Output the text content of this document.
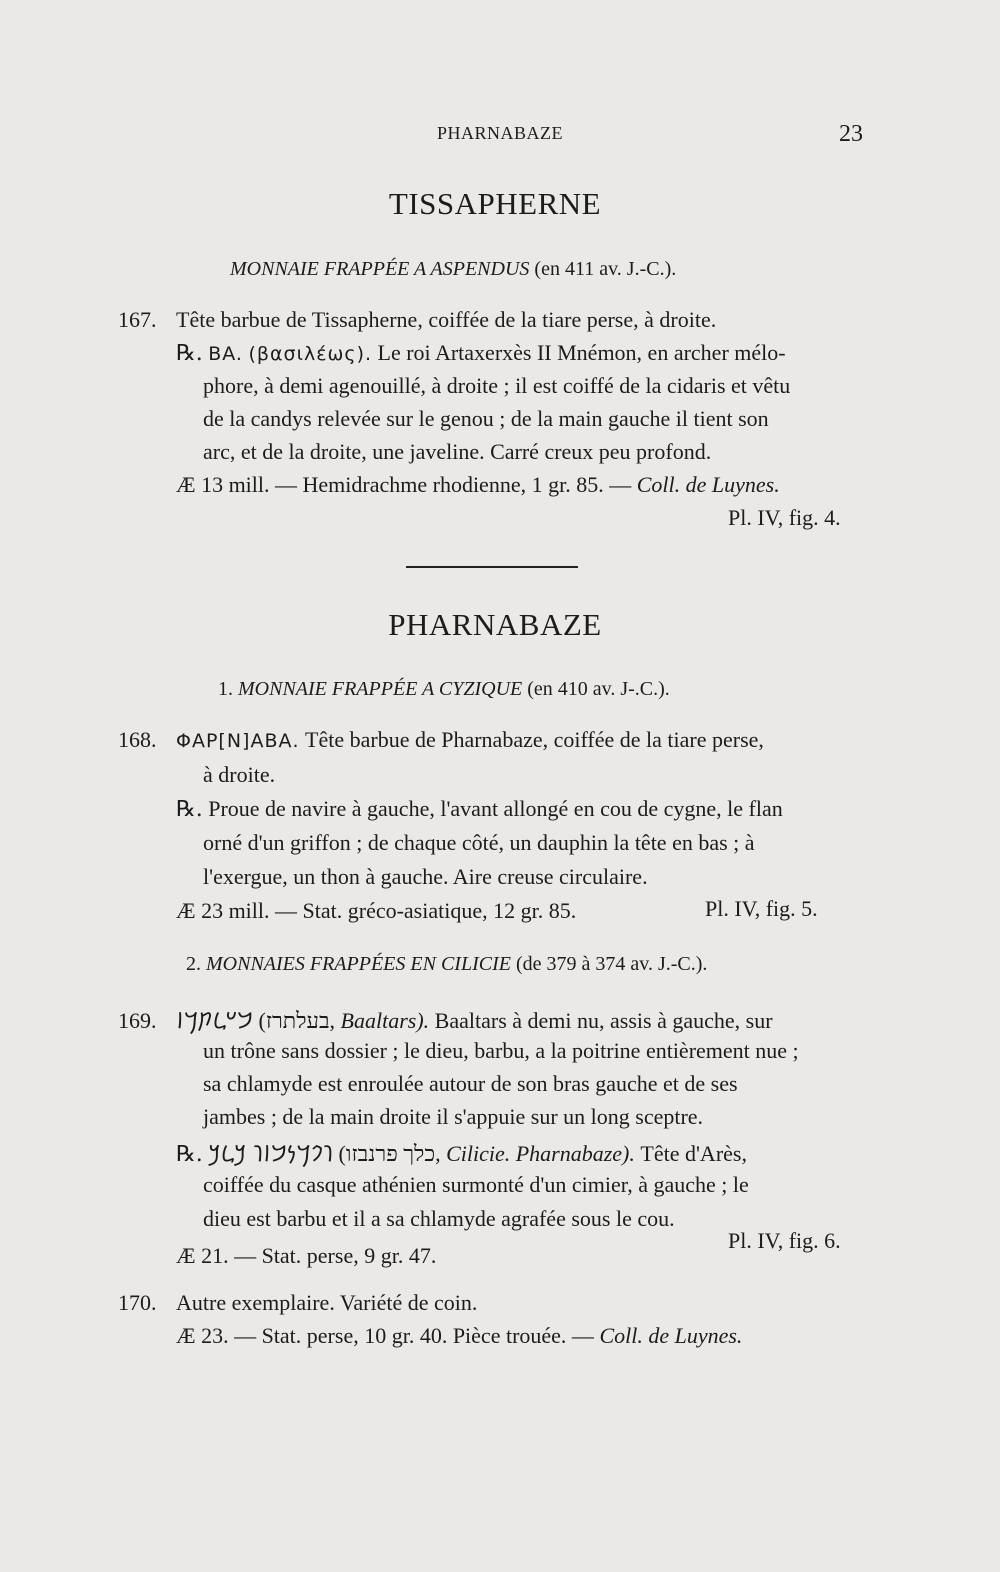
PHARNABAZE	23
TISSAPHERNE
MONNAIE FRAPPÉE A ASPENDUS (en 411 av. J.-C.).
167. Tête barbue de Tissapherne, coiffée de la tiare perse, à droite.
℞. BA. (βασιλέως). Le roi Artaxerxès II Mnémon, en archer mélo-
phore, à demi agenouillé, à droite ; il est coiffé de la cidaris et vêtu
de la candys relevée sur le genou ; de la main gauche il tient son
arc, et de la droite, une javeline. Carré creux peu profond.
Æ 13 mill. — Hemidrachme rhodienne, 1 gr. 85. — Coll. de Luynes.
Pl. IV, fig. 4.
PHARNABAZE
1. MONNAIE FRAPPÉE A CYZIQUE (en 410 av. J-.C.).
168. ΦΑΡ[Ν]ΑΒΑ. Tête barbue de Pharnabaze, coiffée de la tiare perse,
à droite.
℞. Proue de navire à gauche, l'avant allongé en cou de cygne, le flan
orné d'un griffon ; de chaque côté, un dauphin la tête en bas ; à
l'exergue, un thon à gauche. Aire creuse circulaire.
Æ 23 mill. — Stat. gréco-asiatique, 12 gr. 85.	Pl. IV, fig. 5.
2. MONNAIES FRAPPÉES EN CILICIE (de 379 à 374 av. J.-C.).
169. 𐡁𐡏𐡋𐡕𐡓𐡆 (בעלתרז, Baaltars). Baaltars à demi nu, assis à gauche, sur
un trône sans dossier ; le dieu, barbu, a la poitrine entièrement nue ;
sa chlamyde est enroulée autour de son bras gauche et de ses
jambes ; de la main droite il s'appuie sur un long sceptre.
℞. 𐡅𐡐𐡓𐡍𐡁𐡆𐡅 𐡊𐡋𐡊 (כלך פרנבזו, Cilicie. Pharnabaze). Tête d'Arès,
coiffée du casque athénien surmonté d'un cimier, à gauche ; le
dieu est barbu et il a sa chlamyde agrafée sous le cou.
Æ 21. — Stat. perse, 9 gr. 47.
Pl. IV, fig. 6.
170. Autre exemplaire. Variété de coin.
Æ 23. — Stat. perse, 10 gr. 40. Pièce trouée. — Coll. de Luynes.
